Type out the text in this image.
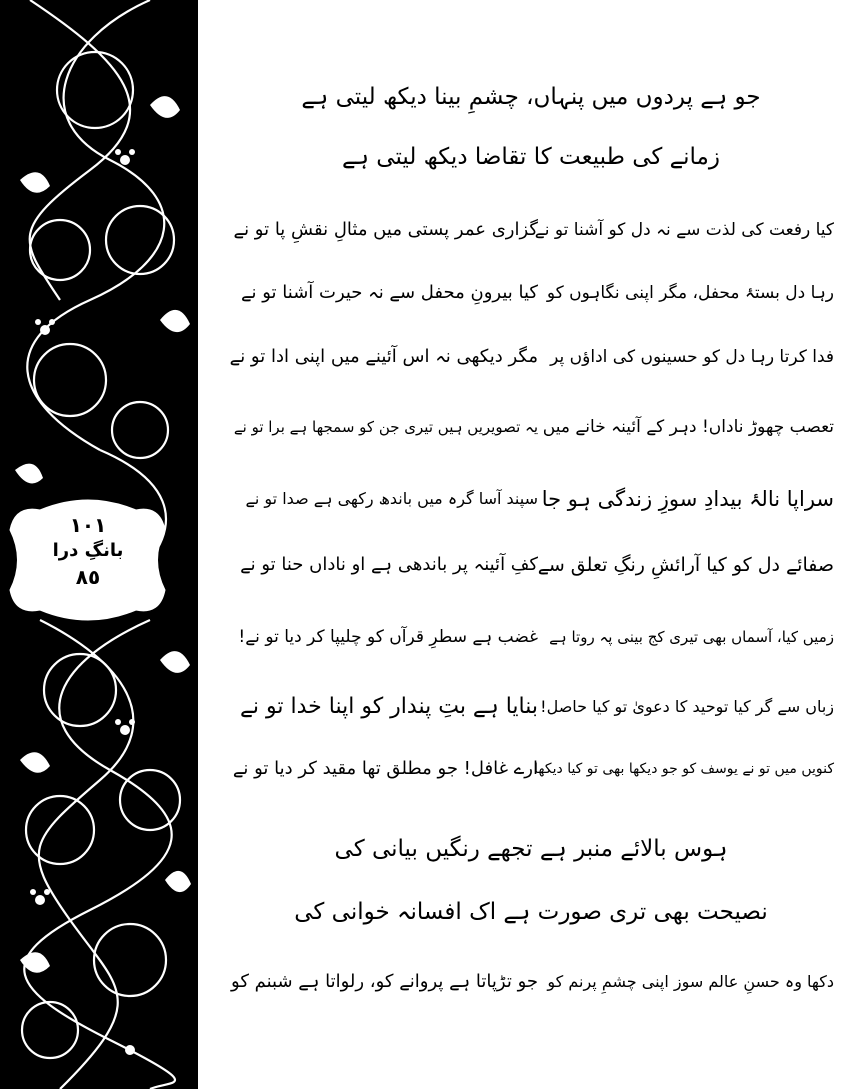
١٠١
بانگِ درا
٨٥
جو ہے پردوں میں پنہاں، چشمِ بینا دیکھ لیتی ہے
زمانے کی طبیعت کا تقاضا دیکھ لیتی ہے
کیا رفعت کی لذت سے نہ دل کو آشنا تو نے
گزاری عمر پستی میں مثالِ نقشِ پا تو نے
رہا دل بستۂ محفل، مگر اپنی نگاہوں کو
کیا بیرونِ محفل سے نہ حیرت آشنا تو نے
فدا کرتا رہا دل کو حسینوں کی اداؤں پر
مگر دیکھی نہ اس آئینے میں اپنی ادا تو نے
تعصب چھوڑ ناداں! دہر کے آئینہ خانے میں
یہ تصویریں ہیں تیری جن کو سمجھا ہے برا تو نے
سراپا نالۂ بیدادِ سوزِ زندگی ہو جا
سپند آسا گرہ میں باندھ رکھی ہے صدا تو نے
صفائے دل کو کیا آرائشِ رنگِ تعلق سے
کفِ آئینہ پر باندھی ہے او ناداں حنا تو نے
زمیں کیا، آسماں بھی تیری کج بینی پہ روتا ہے
غضب ہے سطرِ قرآں کو چلیپا کر دیا تو نے!
زباں سے گر کیا توحید کا دعویٰ تو کیا حاصل!
بنایا ہے بتِ پندار کو اپنا خدا تو نے
کنویں میں تو نے یوسف کو جو دیکھا بھی تو کیا دیکھا
ارے غافل! جو مطلق تھا مقید کر دیا تو نے
ہوس بالائے منبر ہے تجھے رنگیں بیانی کی
نصیحت بھی تری صورت ہے اک افسانہ خوانی کی
دکھا وہ حسنِ عالم سوز اپنی چشمِ پرنم کو
جو تڑپاتا ہے پروانے کو، رلواتا ہے شبنم کو
